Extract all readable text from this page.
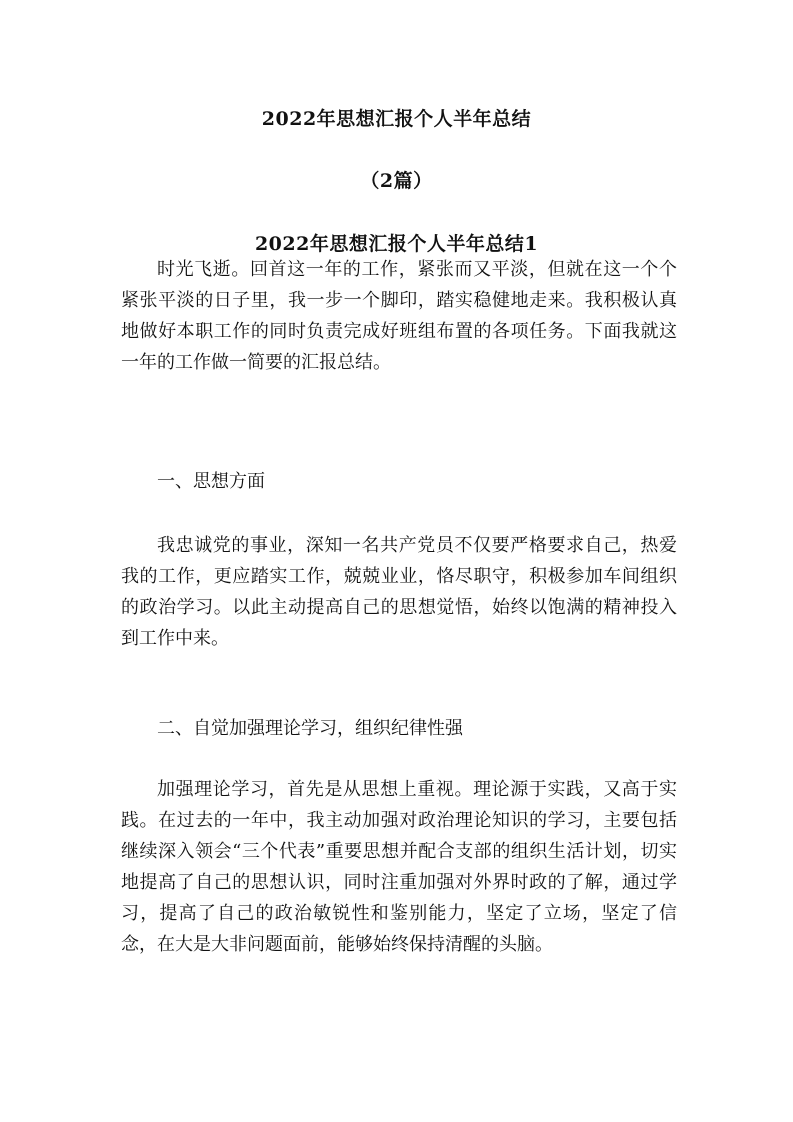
2022年思想汇报个人半年总结
（2篇）
2022年思想汇报个人半年总结1

时光飞逝。回首这一年的工作，紧张而又平淡，但就在这一个个紧张平淡的日子里，我一步一个脚印，踏实稳健地走来。我积极认真地做好本职工作的同时负责完成好班组布置的各项任务。下面我就这一年的工作做一简要的汇报总结。

一、思想方面

我忠诚党的事业，深知一名共产党员不仅要严格要求自己，热爱我的工作，更应踏实工作，兢兢业业，恪尽职守，积极参加车间组织的政治学习。以此主动提高自己的思想觉悟，始终以饱满的精神投入到工作中来。

二、自觉加强理论学习，组织纪律性强

加强理论学习，首先是从思想上重视。理论源于实践，又高于实践。在过去的一年中，我主动加强对政治理论知识的学习，主要包括继续深入领会“三个代表”重要思想并配合支部的组织生活计划，切实地提高了自己的思想认识，同时注重加强对外界时政的了解，通过学习，提高了自己的政治敏锐性和鉴别能力，坚定了立场，坚定了信念，在大是大非问题面前，能够始终保持清醒的头脑。
